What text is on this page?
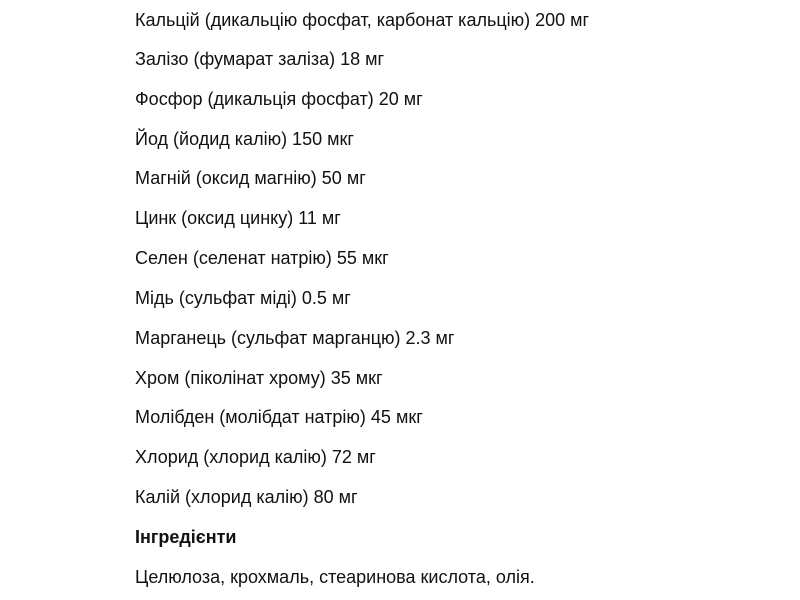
Кальцій (дикальцію фосфат, карбонат кальцію) 200 мг
Залізо (фумарат заліза) 18 мг
Фосфор (дикальція фосфат) 20 мг
Йод (йодид калію) 150 мкг
Магній (оксид магнію) 50 мг
Цинк (оксид цинку) 11 мг
Селен (селенат натрію) 55 мкг
Мідь (сульфат міді) 0.5 мг
Марганець (сульфат марганцю) 2.3 мг
Хром (піколінат хрому) 35 мкг
Молібден (молібдат натрію) 45 мкг
Хлорид (хлорид калію) 72 мг
Калій (хлорид калію) 80 мг
Інгредієнти
Целюлоза, крохмаль, стеаринова кислота, олія.
